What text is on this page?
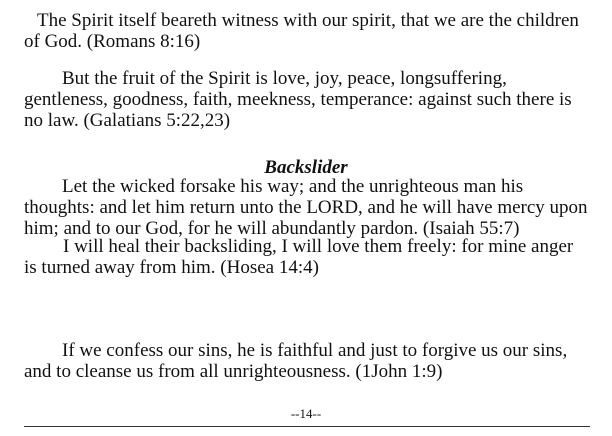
The Spirit itself beareth witness with our spirit, that we are the children of God. (Romans 8:16)

But the fruit of the Spirit is love, joy, peace, longsuffering, gentleness, goodness, faith, meekness, temperance: against such there is no law. (Galatians 5:22,23)

Backslider

Let the wicked forsake his way; and the unrighteous man his thoughts: and let him return unto the LORD, and he will have mercy upon him; and to our God, for he will abundantly pardon. (Isaiah 55:7)

I will heal their backsliding, I will love them freely: for mine anger is turned away from him. (Hosea 14:4)

If we confess our sins, he is faithful and just to forgive us our sins, and to cleanse us from all unrighteousness. (1John 1:9)

--14--
